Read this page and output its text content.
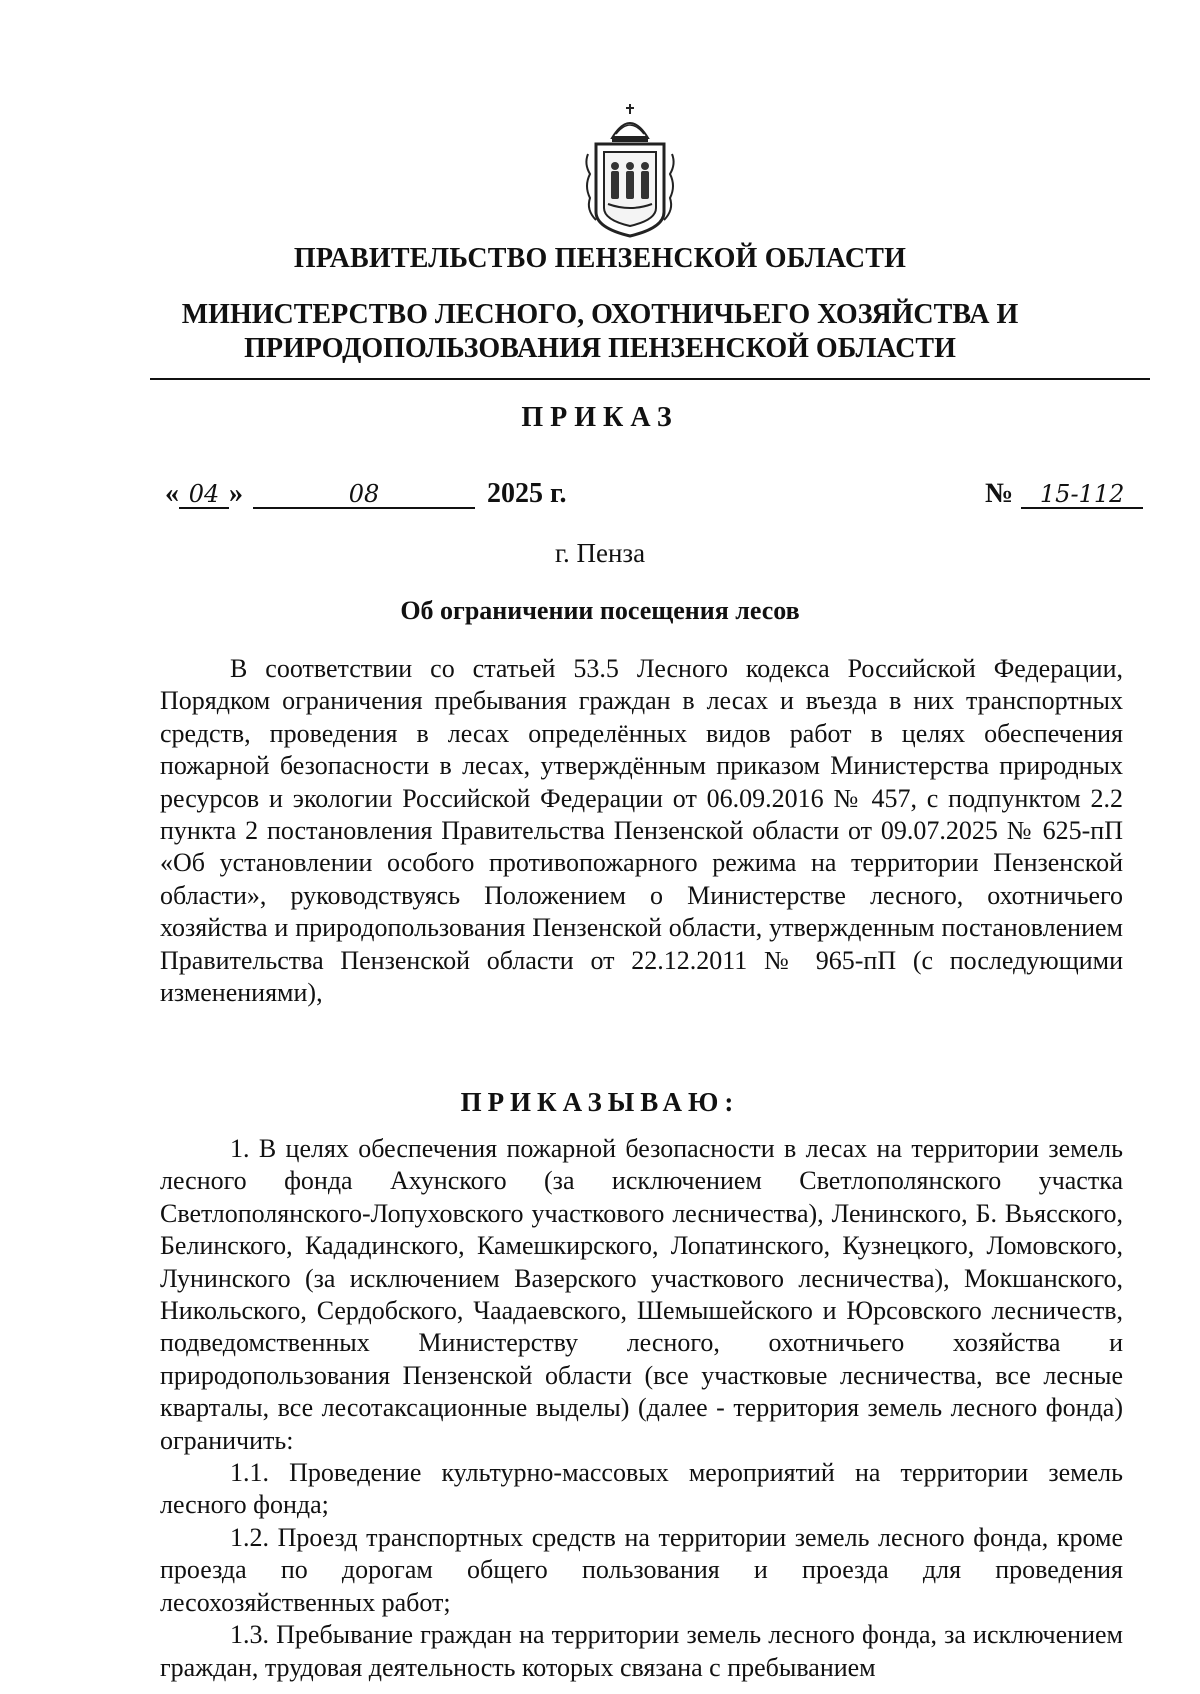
ПРАВИТЕЛЬСТВО ПЕНЗЕНСКОЙ ОБЛАСТИ
МИНИСТЕРСТВО ЛЕСНОГО, ОХОТНИЧЬЕГО ХОЗЯЙСТВА И
ПРИРОДОПОЛЬЗОВАНИЯ ПЕНЗЕНСКОЙ ОБЛАСТИ
ПРИКАЗ
« 04 »	08	2025 г.	№ 15-112
г. Пенза
Об ограничении посещения лесов

В соответствии со статьей 53.5 Лесного кодекса Российской Федерации, Порядком ограничения пребывания граждан в лесах и въезда в них транспортных средств, проведения в лесах определённых видов работ в целях обеспечения пожарной безопасности в лесах, утверждённым приказом Министерства природных ресурсов и экологии Российской Федерации от 06.09.2016 № 457, с подпунктом 2.2 пункта 2 постановления Правительства Пензенской области от 09.07.2025 № 625-пП «Об установлении особого противопожарного режима на территории Пензенской области», руководствуясь Положением о Министерстве лесного, охотничьего хозяйства и природопользования Пензенской области, утвержденным постановлением Правительства Пензенской области от 22.12.2011 № 965-пП (с последующими изменениями),

ПРИКАЗЫВАЮ:

1. В целях обеспечения пожарной безопасности в лесах на территории земель лесного фонда Ахунского (за исключением Светлополянского участка Светлополянского-Лопуховского участкового лесничества), Ленинского, Б. Вьясского, Белинского, Кададинского, Камешкирского, Лопатинского, Кузнецкого, Ломовского, Лунинского (за исключением Вазерского участкового лесничества), Мокшанского, Никольского, Сердобского, Чаадаевского, Шемышейского и Юрсовского лесничеств, подведомственных Министерству лесного, охотничьего хозяйства и природопользования Пензенской области (все участковые лесничества, все лесные кварталы, все лесотаксационные выделы) (далее - территория земель лесного фонда) ограничить:

1.1. Проведение культурно-массовых мероприятий на территории земель лесного фонда;

1.2. Проезд транспортных средств на территории земель лесного фонда, кроме проезда по дорогам общего пользования и проезда для проведения лесохозяйственных работ;

1.3. Пребывание граждан на территории земель лесного фонда, за исключением граждан, трудовая деятельность которых связана с пребыванием
